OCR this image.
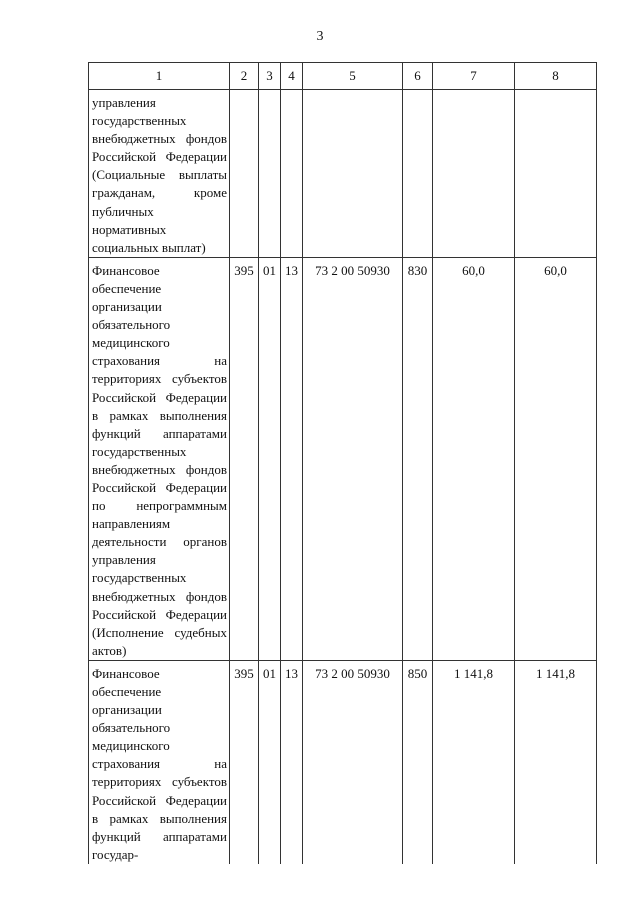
3
1	2	3	4	5	6	7	8
управления государственных внебюджетных фондов Российской Федерации (Социальные выплаты гражданам, кроме публичных нормативных социальных выплат)							
Финансовое обеспечение организации обязательного медицинского страхования на территориях субъектов Российской Федерации в рамках выполнения функций аппаратами государственных внебюджетных фондов Российской Федерации по непрограммным направлениям деятельности органов управления государственных внебюджетных фондов Российской Федерации (Исполнение судебных актов)	395	01	13	73 2 00 50930	830	60,0	60,0
Финансовое обеспечение организации обязательного медицинского страхования на территориях субъектов Российской Федерации в рамках выполнения функций аппаратами государ-	395	01	13	73 2 00 50930	850	1 141,8	1 141,8
